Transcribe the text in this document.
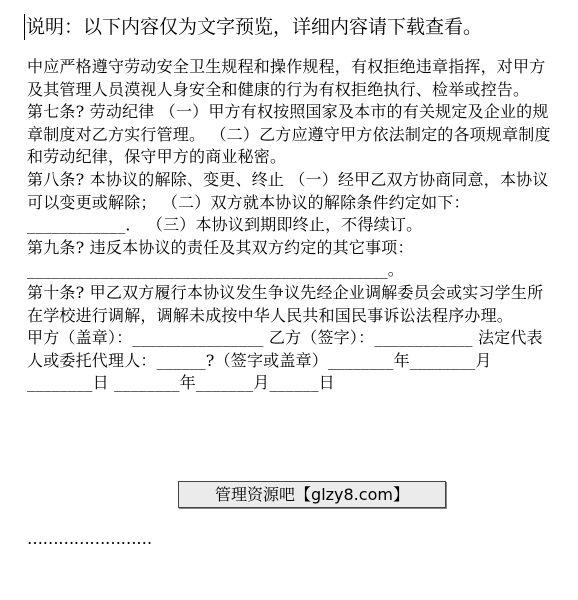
说明：以下内容仅为文字预览，详细内容请下载查看。

中应严格遵守劳动安全卫生规程和操作规程，有权拒绝违章指挥，对甲方及其管理人员漠视人身安全和健康的行为有权拒绝执行、检举或控告。

第七条? 劳动纪律 （一）甲方有权按照国家及本市的有关规定及企业的规章制度对乙方实行管理。 （二）乙方应遵守甲方依法制定的各项规章制度和劳动纪律，保守甲方的商业秘密。

第八条? 本协议的解除、变更、终止 （一）经甲乙双方协商同意，本协议可以变更或解除； （二）双方就本协议的解除条件约定如下：____________． （三）本协议到期即终止，不得续订。

第九条? 违反本协议的责任及其双方约定的其它事项：____________________________________________。

第十条? 甲乙双方履行本协议发生争议先经企业调解委员会或实习学生所在学校进行调解，调解未成按中华人民共和国民事诉讼法程序办理。

甲方（盖章）：________________ 乙方（签字）：____________ 法定代表人或委托代理人：______?（签字或盖章）________年________月________日 ________年_______月______日

……………………
管理资源吧【glzy8.com】
